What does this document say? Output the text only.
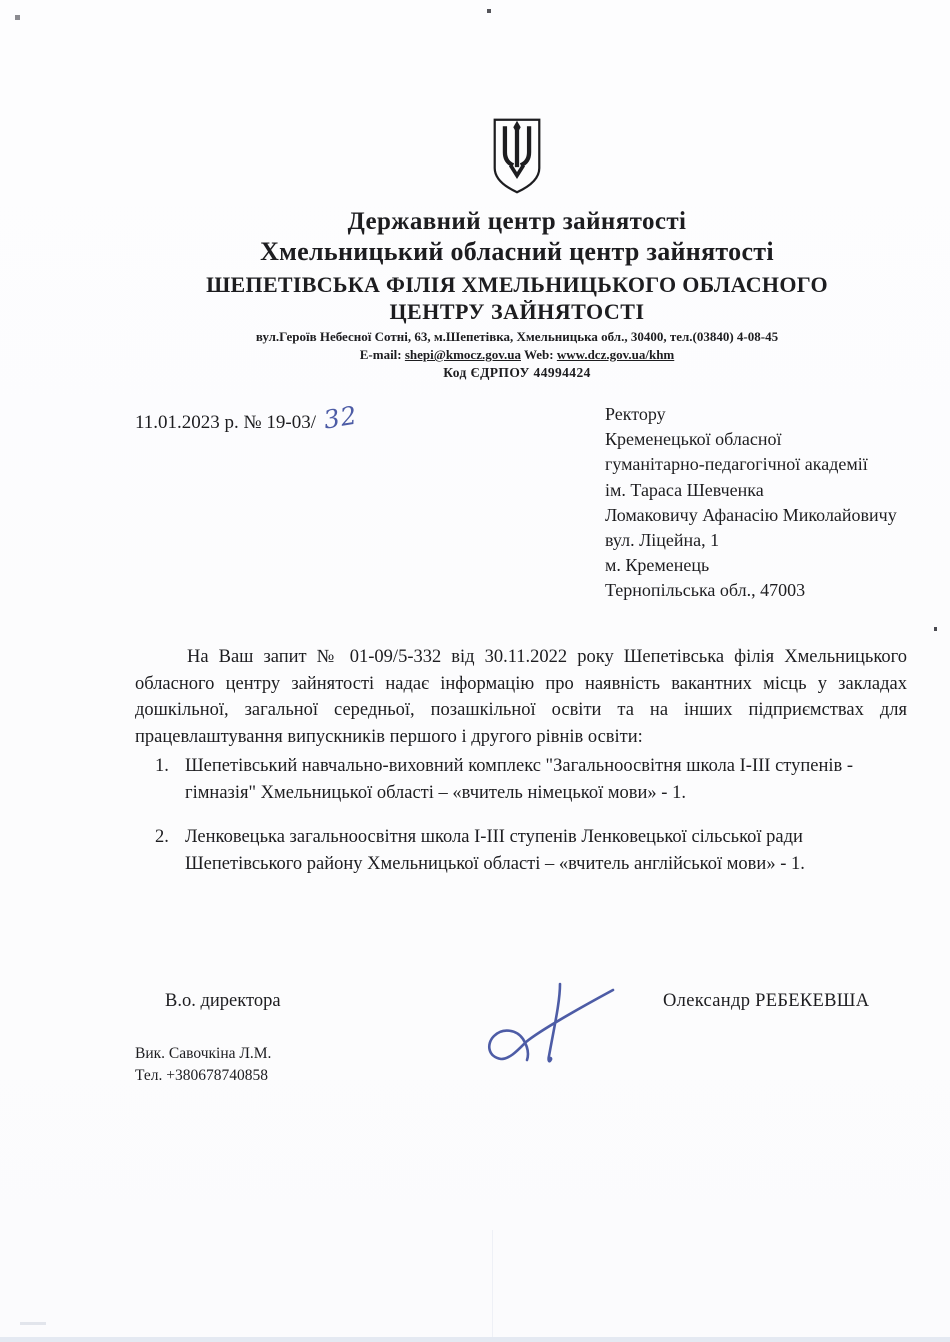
Державний центр зайнятості
Хмельницький обласний центр зайнятості
ШЕПЕТІВСЬКА ФІЛІЯ ХМЕЛЬНИЦЬКОГО ОБЛАСНОГО
ЦЕНТРУ ЗАЙНЯТОСТІ
вул.Героїв Небесної Сотні, 63, м.Шепетівка, Хмельницька обл., 30400, тел.(03840) 4-08-45
E-mail: shepi@kmocz.gov.ua Web: www.dcz.gov.ua/khm
Код ЄДРПОУ 44994424
11.01.2023 р. № 19-03/ 32	Ректору
Кременецької обласної
гуманітарно-педагогічної академії
ім. Тараса Шевченка
Ломаковичу Афанасію Миколайовичу
вул. Ліцейна, 1
м. Кременець
Тернопільська обл., 47003
На Ваш запит № 01-09/5-332 від 30.11.2022 року Шепетівська філія Хмельницького обласного центру зайнятості надає інформацію про наявність вакантних місць у закладах дошкільної, загальної середньої, позашкільної освіти та на інших підприємствах для працевлаштування випускників першого і другого рівнів освіти:
1. Шепетівський навчально-виховний комплекс "Загальноосвітня школа І-ІІІ ступенів - гімназія" Хмельницької області – «вчитель німецької мови» - 1.
2. Ленковецька загальноосвітня школа І-ІІІ ступенів Ленковецької сільської ради Шепетівського району Хмельницької області – «вчитель англійської мови» - 1.
В.о. директора	Олександр РЕБЕКЕВША
Вик. Савочкіна Л.М.
Тел. +380678740858
